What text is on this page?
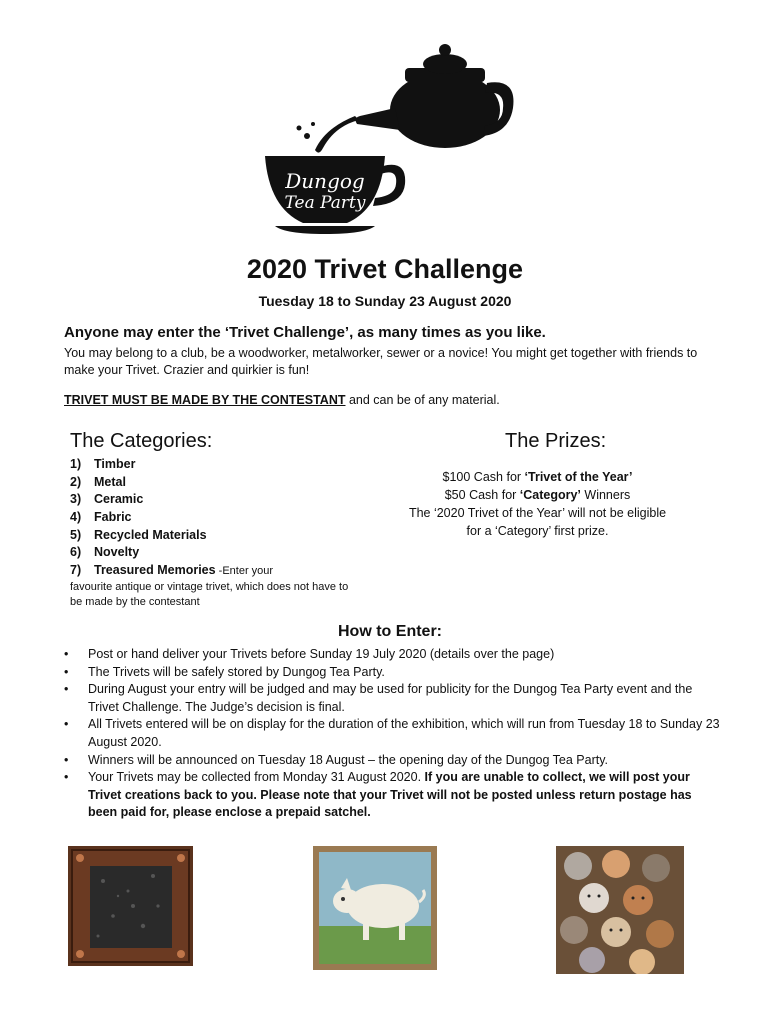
Dungog
Tea Party
2020 Trivet Challenge
Tuesday 18 to Sunday 23 August 2020
Anyone may enter the ‘Trivet Challenge’, as many times as you like.
You may belong to a club, be a woodworker, metalworker, sewer or a novice! You might get together with friends to make your Trivet. Crazier and quirkier is fun!
TRIVET MUST BE MADE BY THE CONTESTANT and can be of any material.
The Categories:
1) Timber
2) Metal
3) Ceramic
4) Fabric
5) Recycled Materials
6) Novelty
7) Treasured Memories -Enter your
favourite antique or vintage trivet, which does not have to be made by the contestant
The Prizes:
$100 Cash for ‘Trivet of the Year’
$50 Cash for ‘Category’ Winners
The ‘2020 Trivet of the Year’ will not be eligible
for a ‘Category’ first prize.
How to Enter:
• Post or hand deliver your Trivets before Sunday 19 July 2020 (details over the page)
• The Trivets will be safely stored by Dungog Tea Party.
• During August your entry will be judged and may be used for publicity for the Dungog Tea Party event and the Trivet Challenge. The Judge’s decision is final.
• All Trivets entered will be on display for the duration of the exhibition, which will run from Tuesday 18 to Sunday 23 August 2020.
• Winners will be announced on Tuesday 18 August – the opening day of the Dungog Tea Party.
• Your Trivets may be collected from Monday 31 August 2020. If you are unable to collect, we will post your Trivet creations back to you. Please note that your Trivet will not be posted unless return postage has been paid for, please enclose a prepaid satchel.
